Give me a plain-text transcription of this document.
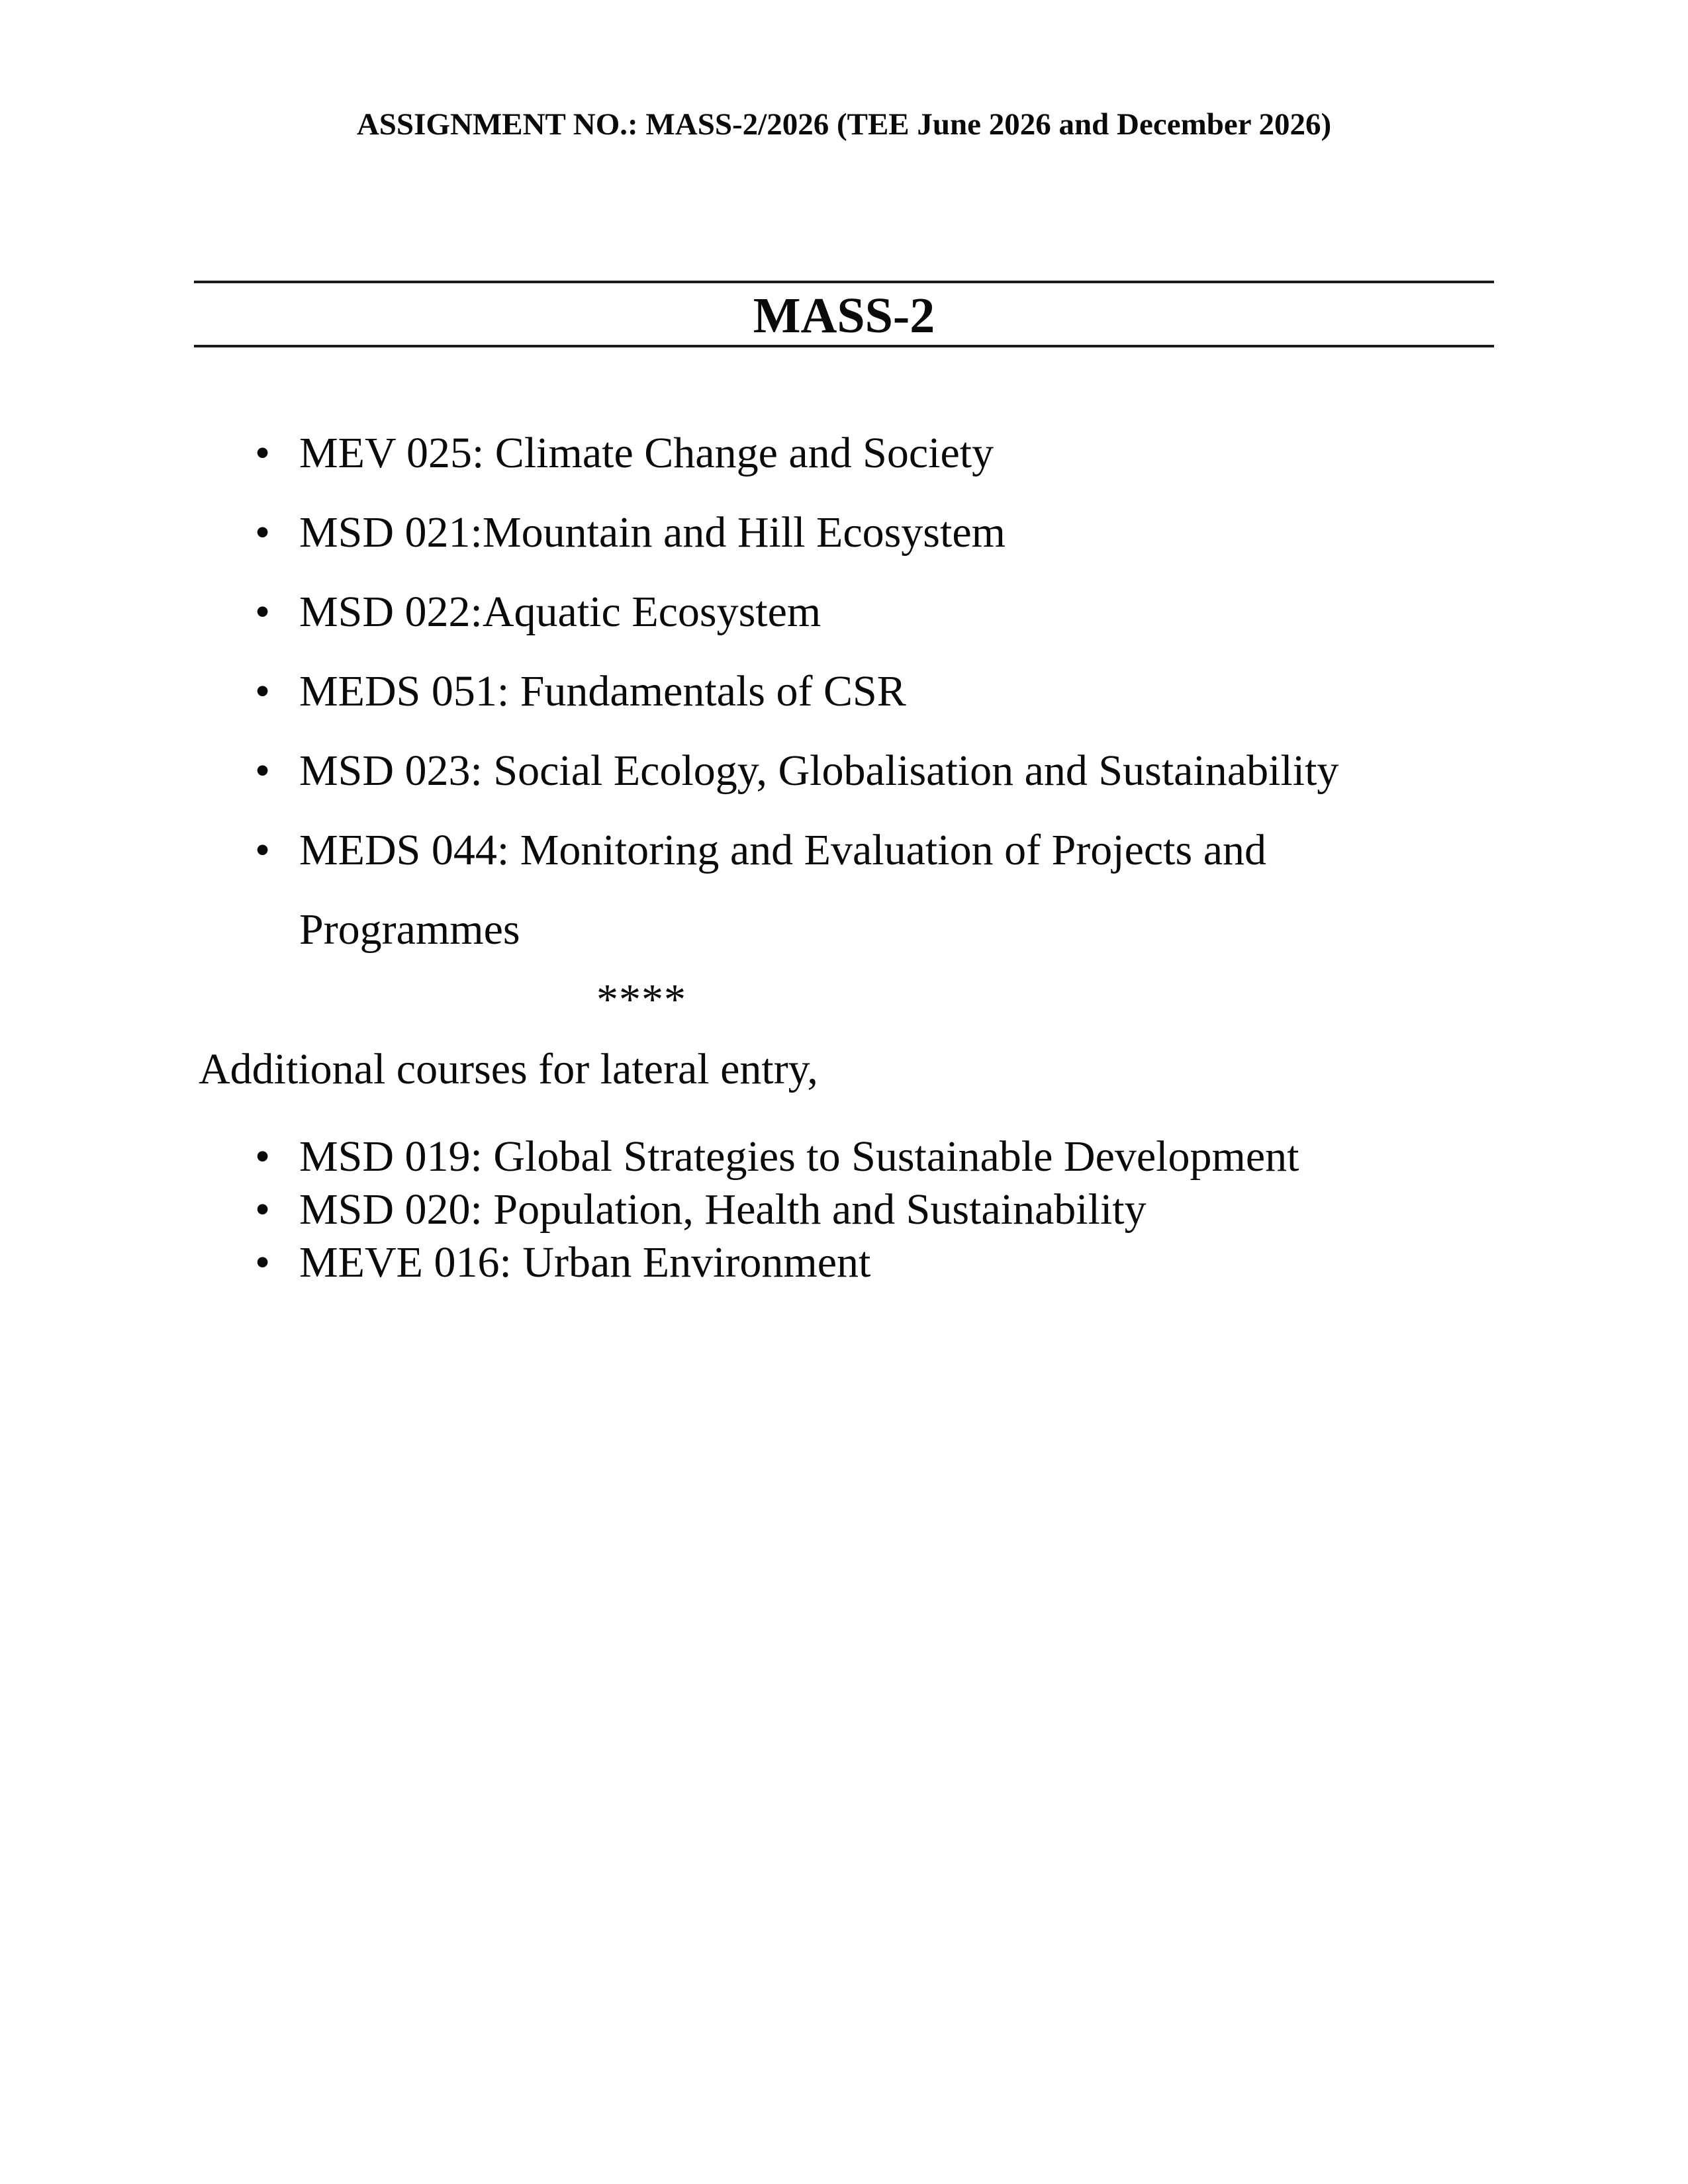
ASSIGNMENT NO.: MASS-2/2026 (TEE June 2026 and December 2026)
MASS-2
• MEV 025: Climate Change and Society
• MSD 021:Mountain and Hill Ecosystem
• MSD 022:Aquatic Ecosystem
• MEDS 051: Fundamentals of CSR
• MSD 023: Social Ecology, Globalisation and Sustainability
• MEDS 044: Monitoring and Evaluation of Projects and
Programmes
****
Additional courses for lateral entry,
• MSD 019: Global Strategies to Sustainable Development
• MSD 020: Population, Health and Sustainability
• MEVE 016: Urban Environment
